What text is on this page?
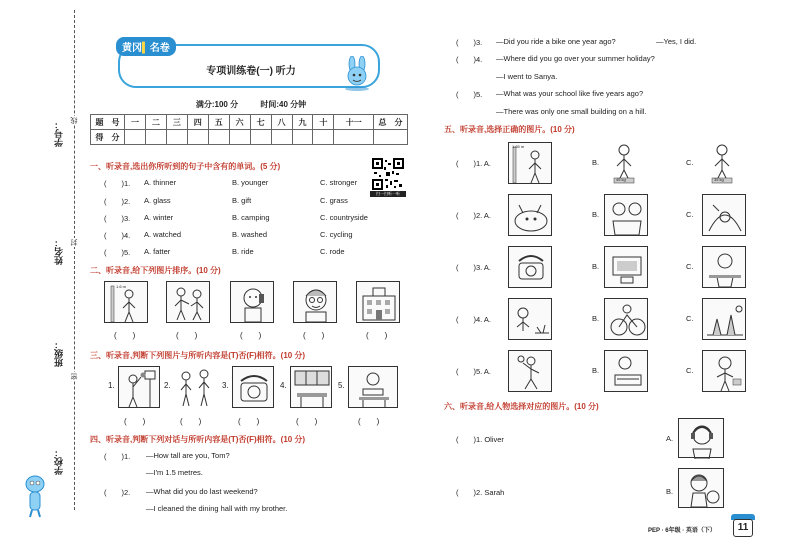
学号：
姓名：
班级：
学校：
线
封
密
黄冈▍名卷
专项训练卷(一) 听力
满分:100 分	时间:40 分钟
题　号	一	二	三	四	五	六	七	八	九	十	十一	总　分
得　分												
一、听录音,选出你所听到的句子中含有的单词。(5 分)
扫一扫听一听
(　　)1.	A. thinner	B. younger	C. stronger
(　　)2.	A. glass	B. gift	C. grass
(　　)3.	A. winter	B. camping	C. countryside
(　　)4.	A. watched	B. washed	C. cycling
(　　)5.	A. fatter	B. ride	C. rode
二、听录音,给下列图片排序。(10 分)
1.6 m
(　　)	(　　)	(　　)	(　　)	(　　)
三、听录音,判断下列图片与所听内容是(T)否(F)相符。(10 分)
1.	2.	3.	4.	5.
(　　)	(　　)	(　　)	(　　)	(　　)
四、听录音,判断下列对话与所听内容是(T)否(F)相符。(10 分)
(　　)1.	—How tall are you, Tom?
—I'm 1.5 metres.
(　　)2.	—What did you do last weekend?
—I cleaned the dining hall with my brother.
(　　)3.	—Did you ride a bike one year ago?	—Yes, I did.
(　　)4.	—Where did you go over your summer holiday?
—I went to Sanya.
(　　)5.	—What was your school like five years ago?
—There was only one small building on a hill.
五、听录音,选择正确的图片。(10 分)
(　　)1. A.
1.65 m
B.
45 kg
C.
35 kg
(　　)2. A.	B.	C.
(　　)3. A.	B.	C.
(　　)4. A.	B.	C.
(　　)5. A.	B.	C.
六、听录音,给人物选择对应的图片。(10 分)
(　　)1. Oliver	A.
(　　)2. Sarah	B.
PEP · 6年级 · 英语（下）	11
